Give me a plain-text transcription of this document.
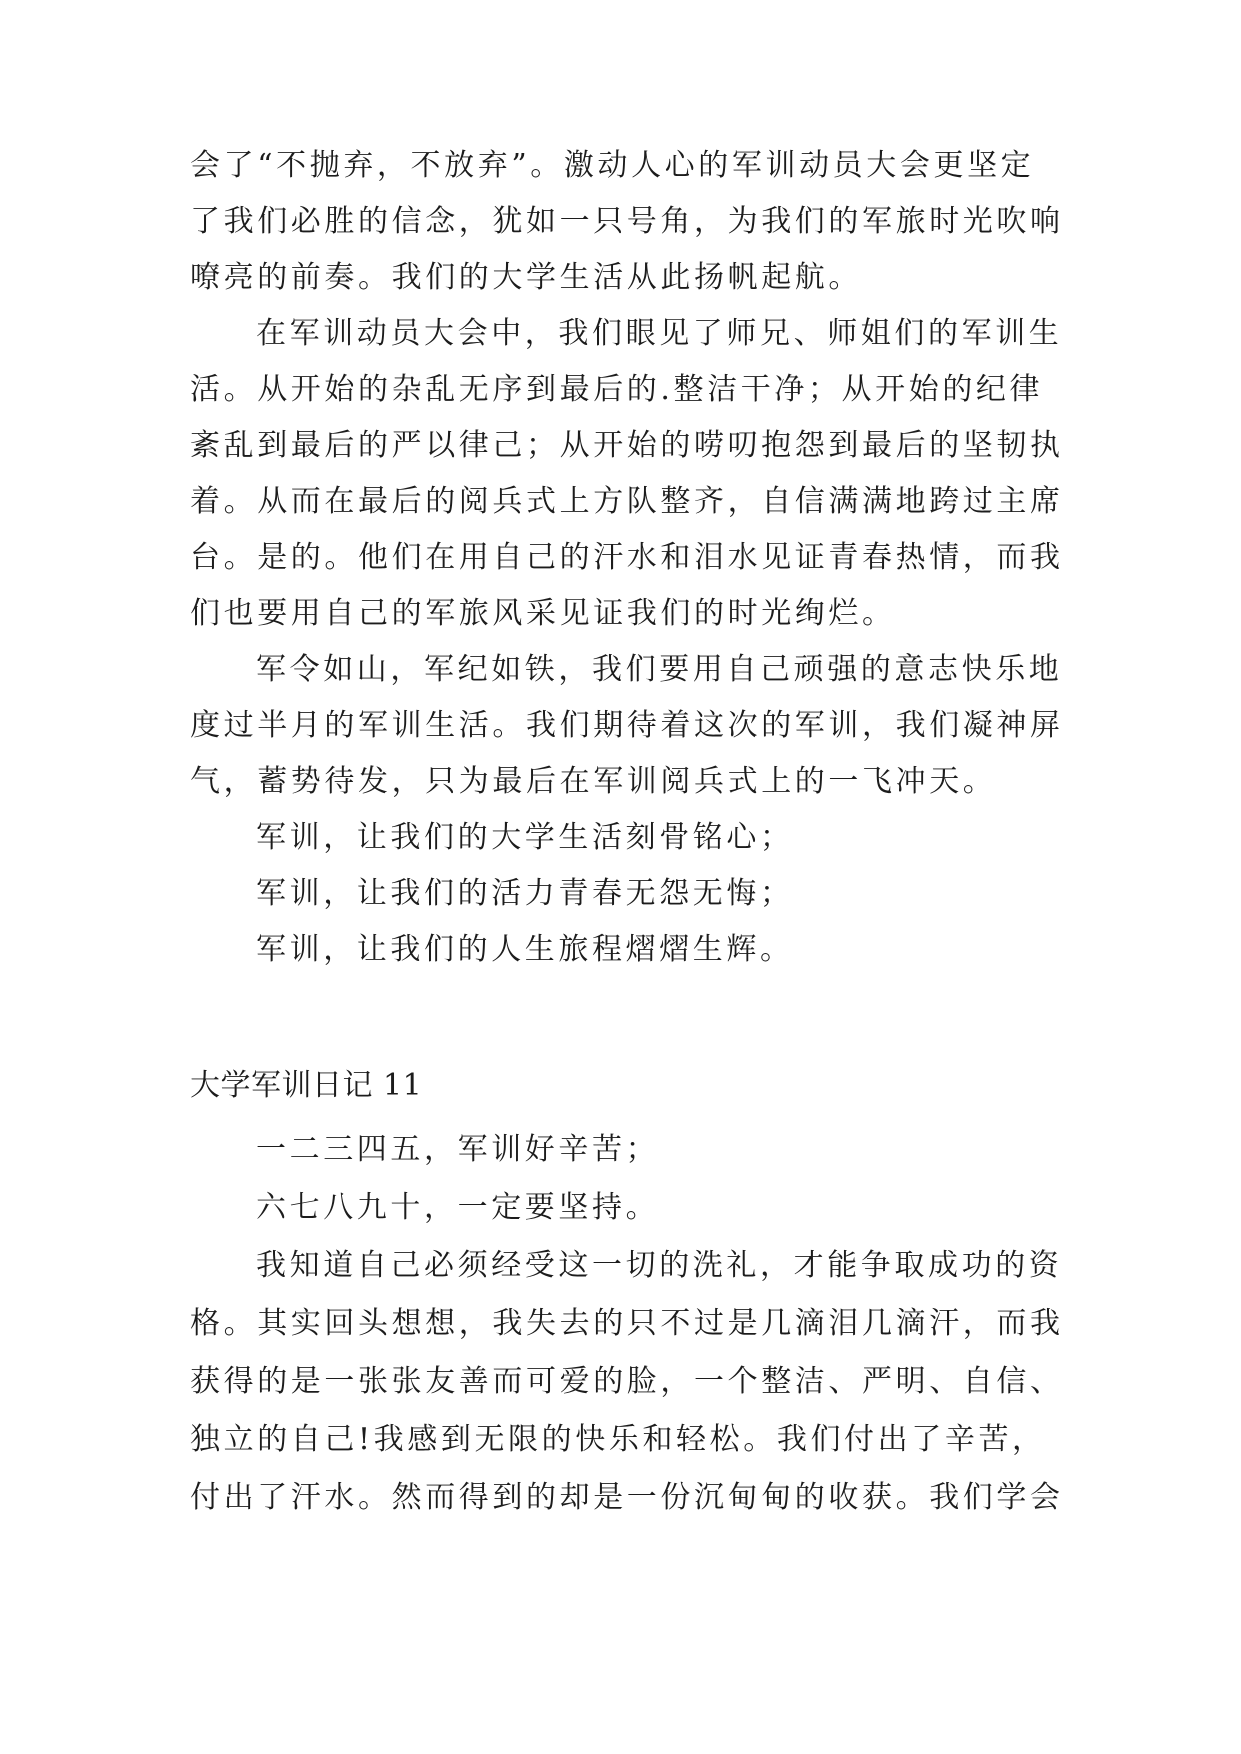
会了“不抛弃，不放弃”。激动人心的军训动员大会更坚定
了我们必胜的信念，犹如一只号角，为我们的军旅时光吹响
嘹亮的前奏。我们的大学生活从此扬帆起航。
在军训动员大会中，我们眼见了师兄、师姐们的军训生
活。从开始的杂乱无序到最后的.整洁干净；从开始的纪律
紊乱到最后的严以律己；从开始的唠叨抱怨到最后的坚韧执
着。从而在最后的阅兵式上方队整齐，自信满满地跨过主席
台。是的。他们在用自己的汗水和泪水见证青春热情，而我
们也要用自己的军旅风采见证我们的时光绚烂。
军令如山，军纪如铁，我们要用自己顽强的意志快乐地
度过半月的军训生活。我们期待着这次的军训，我们凝神屏
气，蓄势待发，只为最后在军训阅兵式上的一飞冲天。
军训，让我们的大学生活刻骨铭心；
军训，让我们的活力青春无怨无悔；
军训，让我们的人生旅程熠熠生辉。
大学军训日记 11
一二三四五，军训好辛苦；
六七八九十，一定要坚持。
我知道自己必须经受这一切的洗礼，才能争取成功的资
格。其实回头想想，我失去的只不过是几滴泪几滴汗，而我
获得的是一张张友善而可爱的脸，一个整洁、严明、自信、
独立的自己!我感到无限的快乐和轻松。我们付出了辛苦，
付出了汗水。然而得到的却是一份沉甸甸的收获。我们学会
